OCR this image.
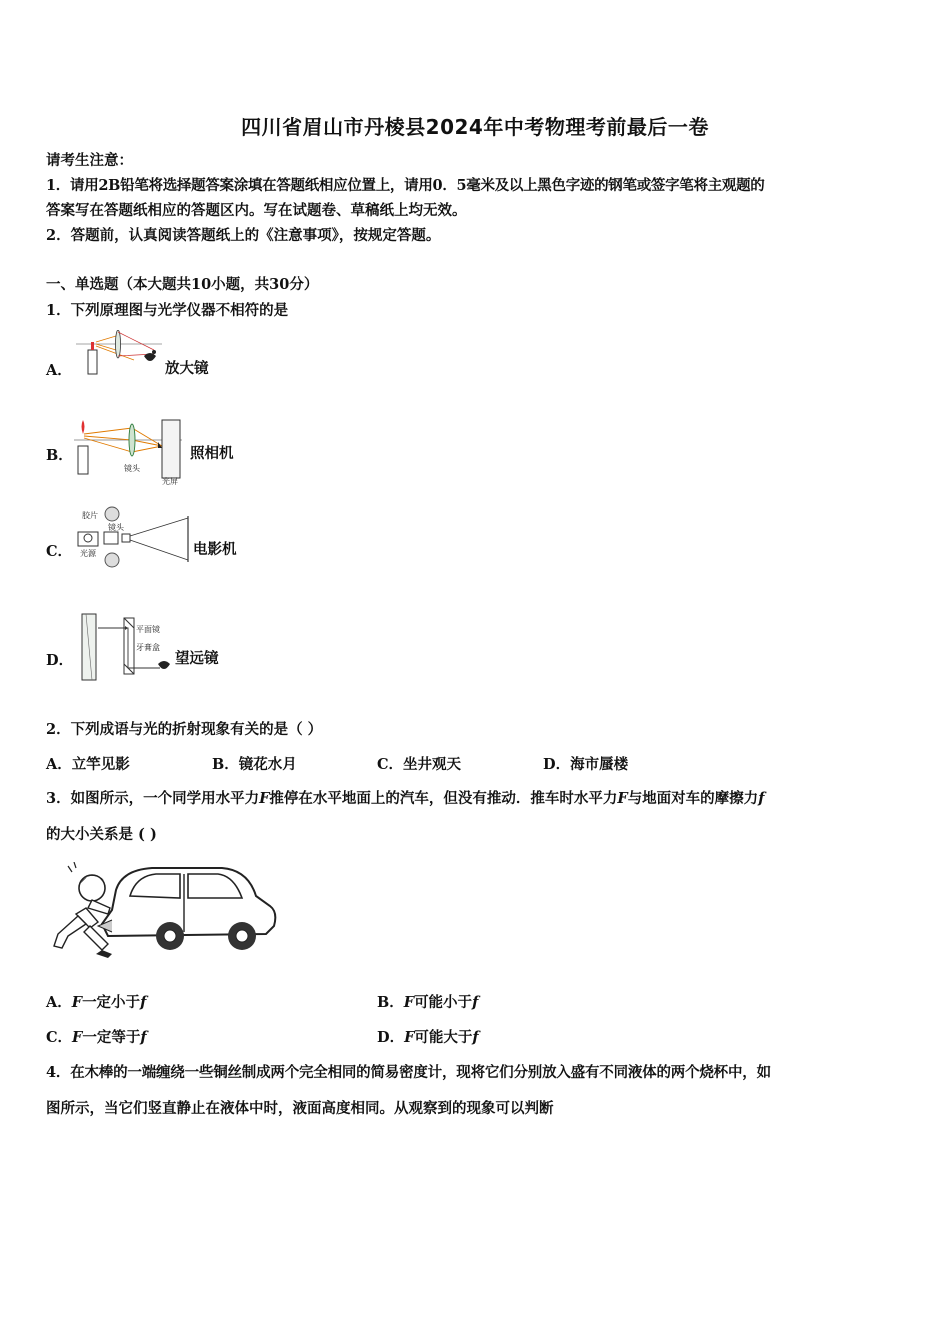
四川省眉山市丹棱县2024年中考物理考前最后一卷
请考生注意：
1．请用2B铅笔将选择题答案涂填在答题纸相应位置上，请用0．5毫米及以上黑色字迹的钢笔或签字笔将主观题的
答案写在答题纸相应的答题区内。写在试题卷、草稿纸上均无效。
2．答题前，认真阅读答题纸上的《注意事项》，按规定答题。
一、单选题（本大题共10小题，共30分）
1．下列原理图与光学仪器不相符的是
A．	放大镜
B．
镜头
光屏
照相机
C．
胶片
镜头
光源	电影机
D．
平面镜
牙膏盒
望远镜
2．下列成语与光的折射现象有关的是（ ）
A．立竿见影	B．镜花水月	C．坐井观天	D．海市蜃楼
3．如图所示，一个同学用水平力F推停在水平地面上的汽车，但没有推动．推车时水平力F与地面对车的摩擦力f
的大小关系是 ( )
A．F一定小于f	B．F可能小于f
C．F一定等于f	D．F可能大于f
4．在木棒的一端缠绕一些铜丝制成两个完全相同的简易密度计，现将它们分别放入盛有不同液体的两个烧杯中，如
图所示，当它们竖直静止在液体中时，液面高度相同。从观察到的现象可以判断
